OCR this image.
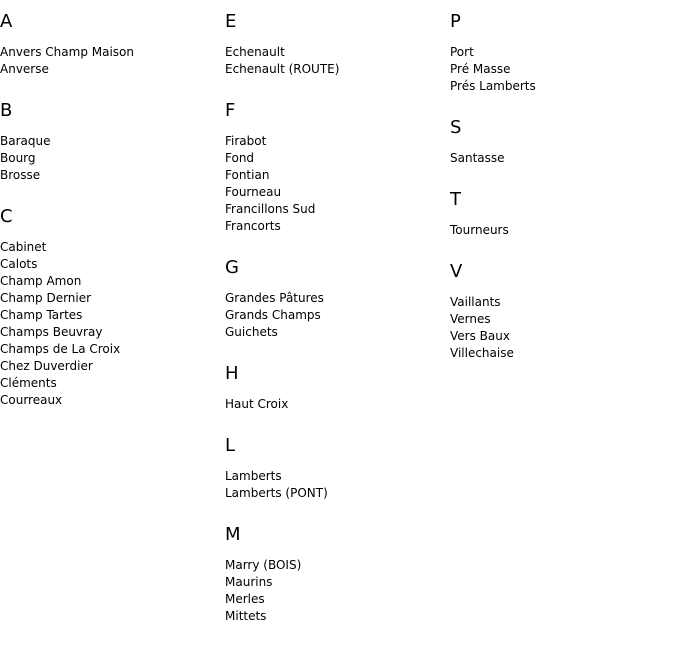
A
Anvers Champ Maison
Anverse
B
Baraque
Bourg
Brosse
C
Cabinet
Calots
Champ Amon
Champ Dernier
Champ Tartes
Champs Beuvray
Champs de La Croix
Chez Duverdier
Cléments
Courreaux
E
Echenault
Echenault (ROUTE)
F
Firabot
Fond
Fontian
Fourneau
Francillons Sud
Francorts
G
Grandes Pâtures
Grands Champs
Guichets
H
Haut Croix
L
Lamberts
Lamberts (PONT)
M
Marry (BOIS)
Maurins
Merles
Mittets
P
Port
Pré Masse
Prés Lamberts
S
Santasse
T
Tourneurs
V
Vaillants
Vernes
Vers Baux
Villechaise
